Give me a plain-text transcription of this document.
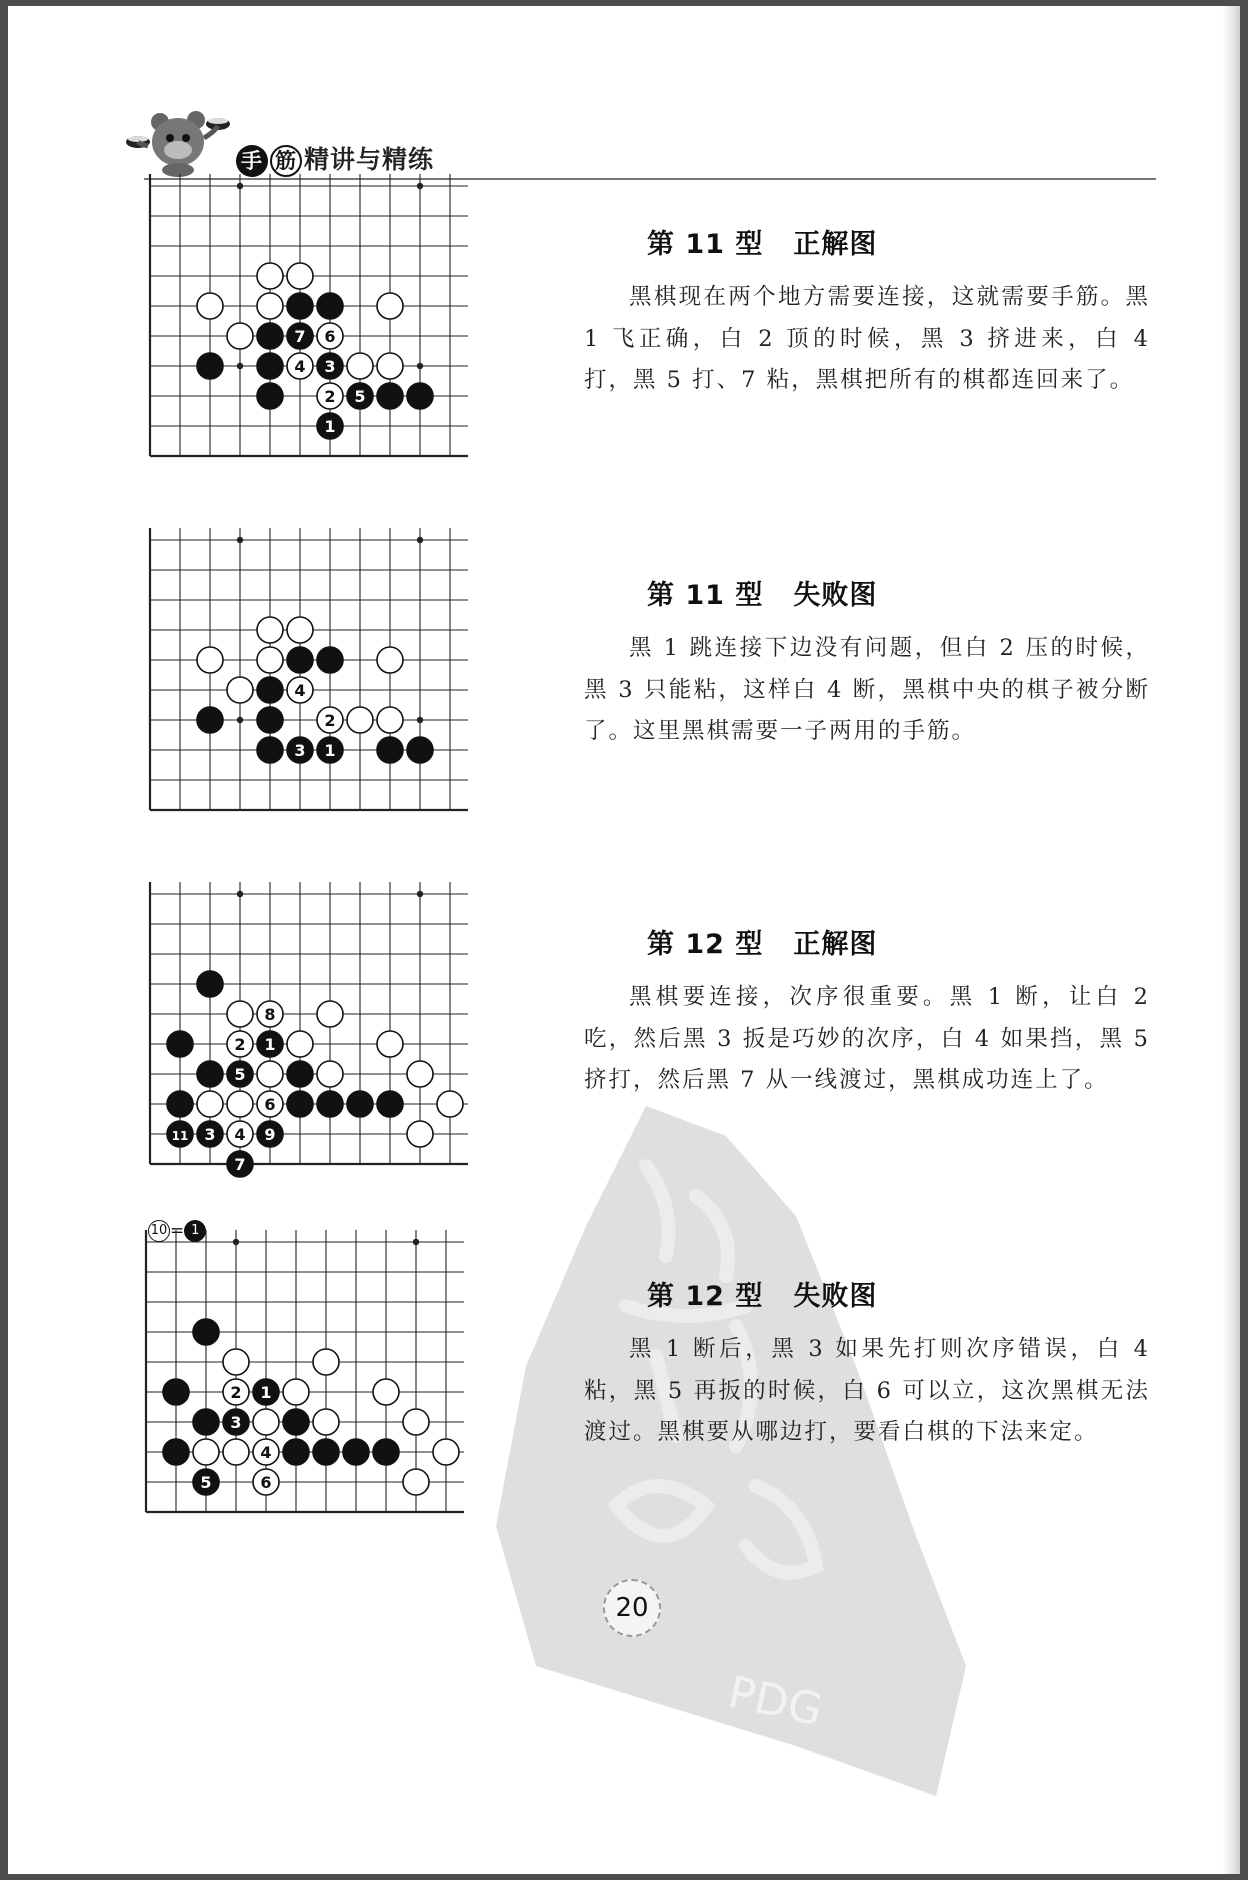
手 筋 精讲与精练
PDG
7 6
4 3
2 5
1
4
2
3 1
8
2 1
5
6
11 3 4 9
7
10 = 1
2 1
3
4
5	6
第 11 型 正解图

黑棋现在两个地方需要连接，这就需要手筋。黑 1 飞正确，白 2 顶的时候，黑 3 挤进来，白 4 打，黑 5 打、7 粘，黑棋把所有的棋都连回来了。

第 11 型 失败图

黑 1 跳连接下边没有问题，但白 2 压的时候，黑 3 只能粘，这样白 4 断，黑棋中央的棋子被分断了。这里黑棋需要一子两用的手筋。

第 12 型 正解图

黑棋要连接，次序很重要。黑 1 断，让白 2 吃，然后黑 3 扳是巧妙的次序，白 4 如果挡，黑 5 挤打，然后黑 7 从一线渡过，黑棋成功连上了。

第 12 型 失败图

黑 1 断后，黑 3 如果先打则次序错误，白 4 粘，黑 5 再扳的时候，白 6 可以立，这次黑棋无法渡过。黑棋要从哪边打，要看白棋的下法来定。

20
